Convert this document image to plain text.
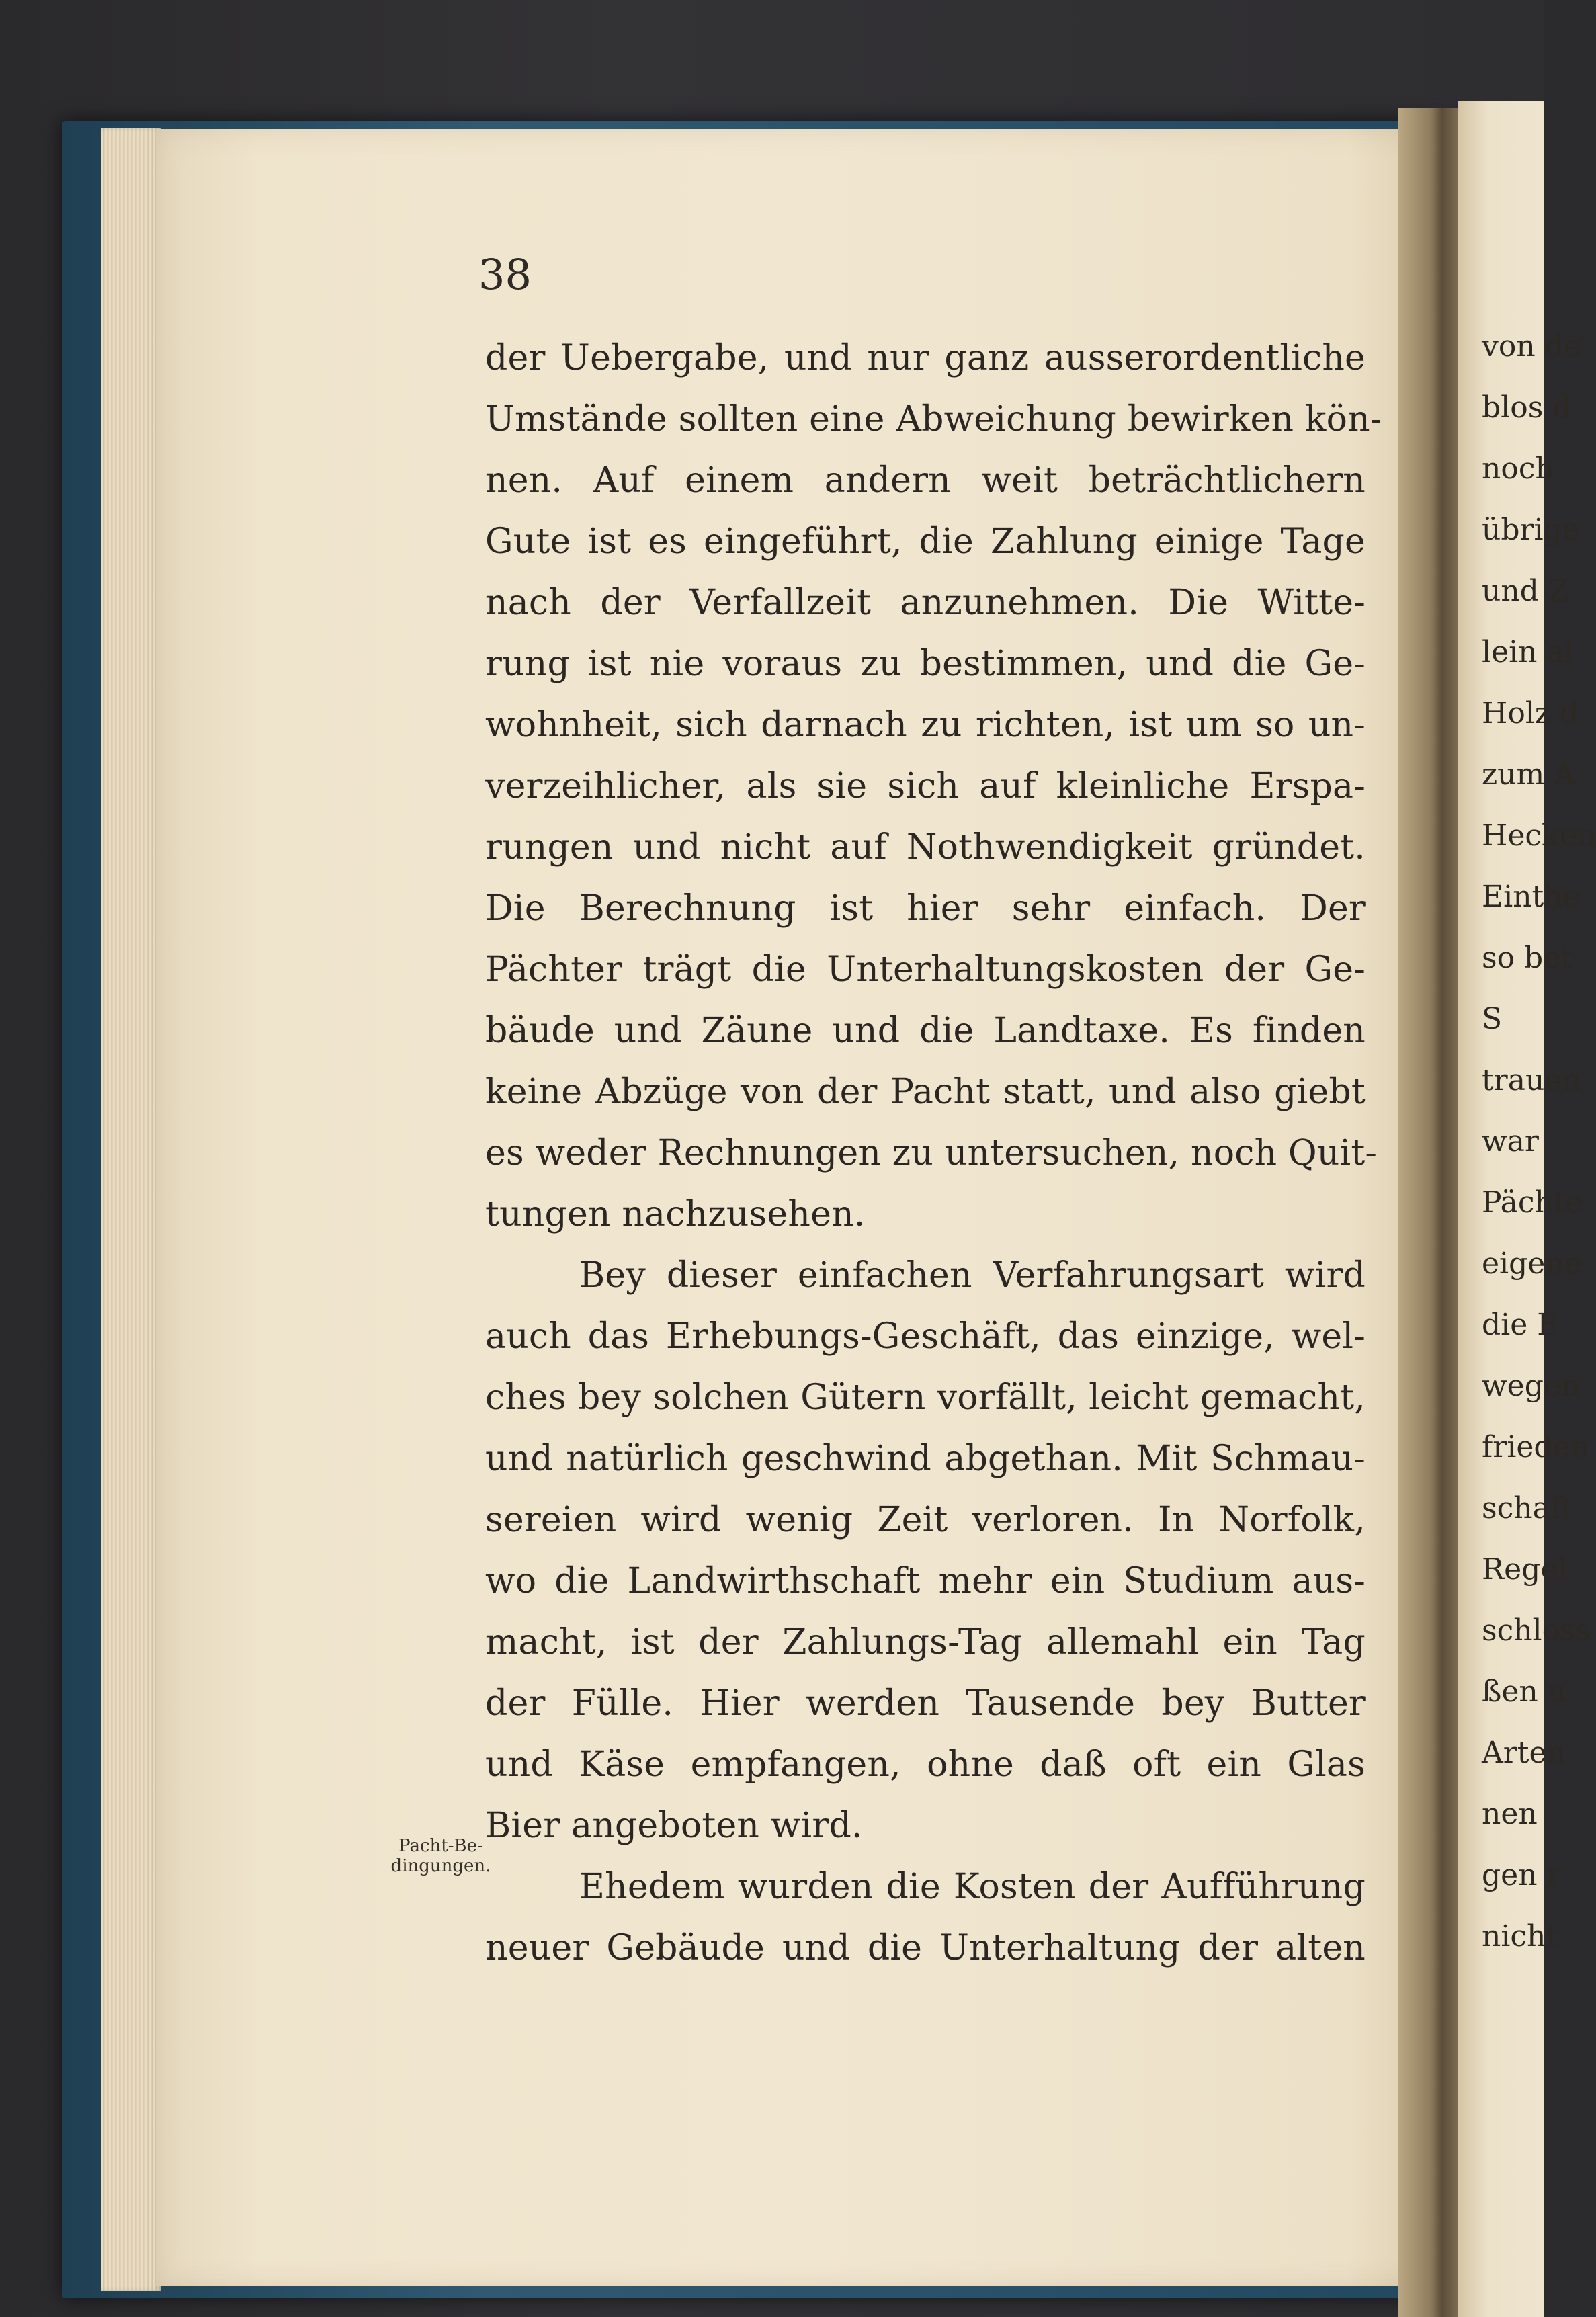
38
der Uebergabe, und nur ganz ausserordentliche
Umstände sollten eine Abweichung bewirken kön-
nen. Auf einem andern weit beträchtlichern
Gute ist es eingeführt, die Zahlung einige Tage
nach der Verfallzeit anzunehmen. Die Witte-
rung ist nie voraus zu bestimmen, und die Ge-
wohnheit, sich darnach zu richten, ist um so un-
verzeihlicher, als sie sich auf kleinliche Erspa-
rungen und nicht auf Nothwendigkeit gründet.
Die Berechnung ist hier sehr einfach. Der
Pächter trägt die Unterhaltungskosten der Ge-
bäude und Zäune und die Landtaxe. Es finden
keine Abzüge von der Pacht statt, und also giebt
es weder Rechnungen zu untersuchen, noch Quit-
tungen nachzusehen.
Bey dieser einfachen Verfahrungsart wird
auch das Erhebungs-Geschäft, das einzige, wel-
ches bey solchen Gütern vorfällt, leicht gemacht,
und natürlich geschwind abgethan. Mit Schmau-
sereien wird wenig Zeit verloren. In Norfolk,
wo die Landwirthschaft mehr ein Studium aus-
macht, ist der Zahlungs-Tag allemahl ein Tag
der Fülle. Hier werden Tausende bey Butter
und Käse empfangen, ohne daß oft ein Glas
Bier angeboten wird.
Ehedem wurden die Kosten der Aufführung
neuer Gebäude und die Unterhaltung der alten
Pacht-Be-
dingungen.
von de
blos d
noch
übrige
und Z
lein al
Holz d
zum A
Hecken
Einthe
so bet
S
trauen
war
Pächte
eigene
die E
wegen
frieden
schaft
Regel
schloss
ßen u
Arten
nen
gen r
nicht
